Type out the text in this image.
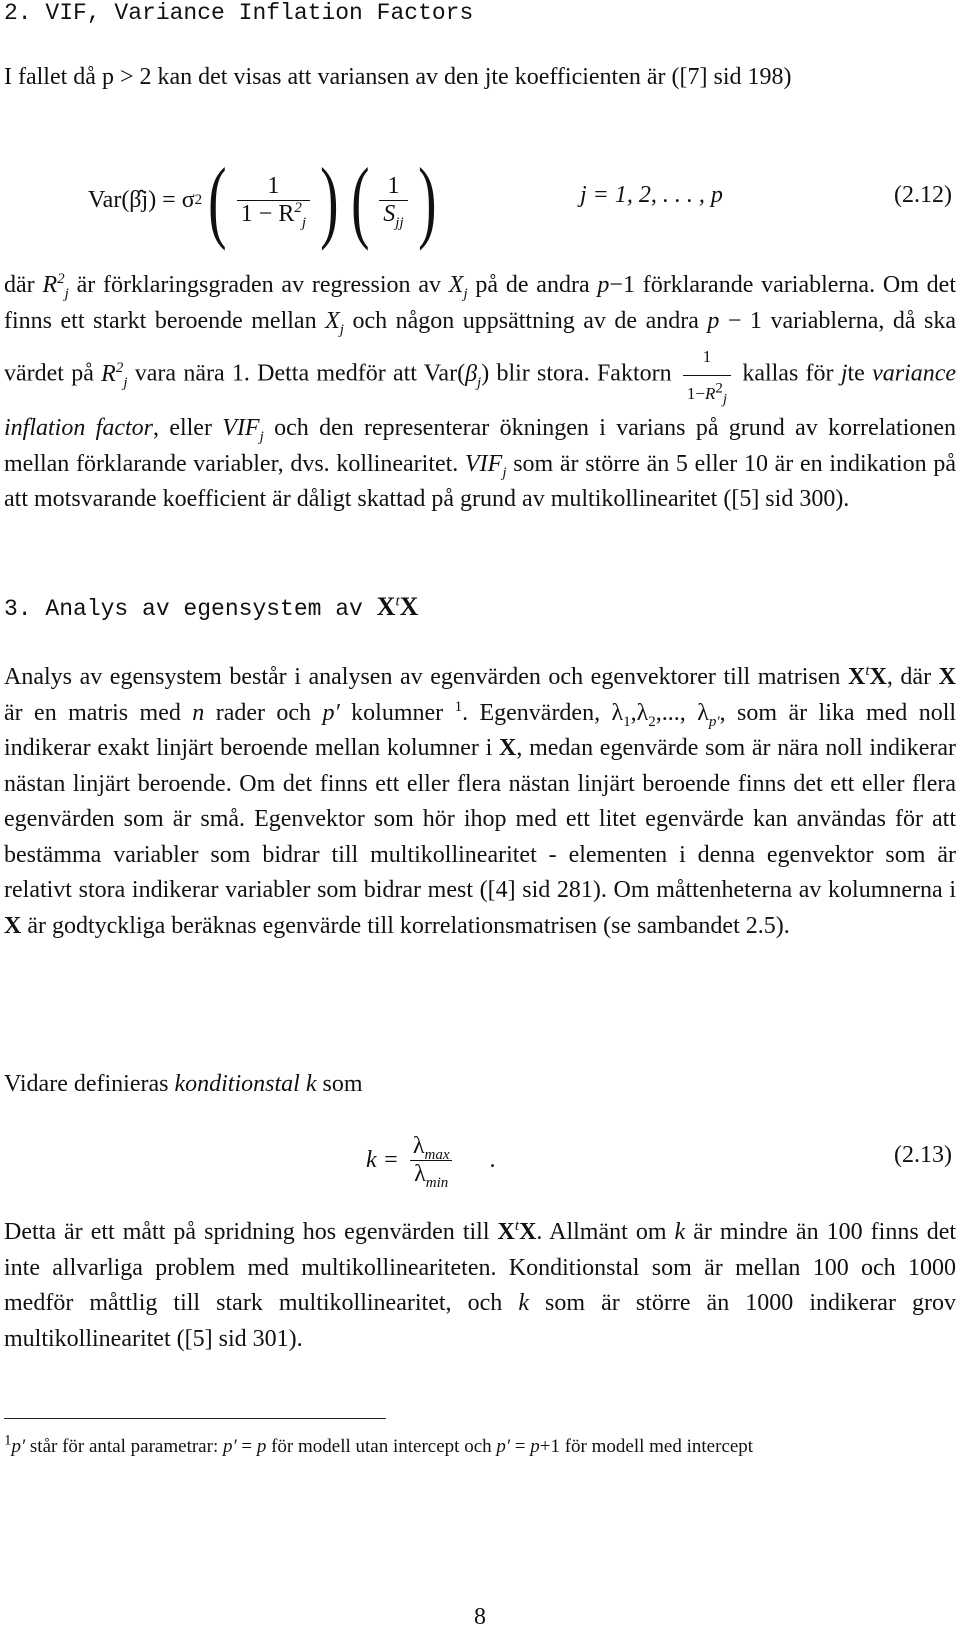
2. VIF, Variance Inflation Factors

I fallet då p > 2 kan det visas att variansen av den jte koefficienten är ([7] sid 198)

Var(β̂j) = σ 2 ( $\frac{1}{1 - R^2_j}$ ) ( $\frac{1}{S_{jj}}$ )	j = 1, 2, . . . , p	(2.12)

där $R^2_j$ är förklaringsgraden av regression av $X_j$ på de andra p−1 förklarande variablerna. Om det finns ett starkt beroende mellan $X_j$ och någon uppsättning av de andra p − 1 variablerna, då ska värdet på $R^2_j$ vara nära 1. Detta medför att $Var(\beta_j)$ blir stora. Faktorn $\frac{1}{1-R^2_j}$ kallas för jte variance inflation factor, eller $VIF_j$ och den representerar ökningen i varians på grund av korrelationen mellan förklarande variabler, dvs. kollinearitet. $VIF_j$ som är större än 5 eller 10 är en indikation på att motsvarande koefficient är dåligt skattad på grund av multikollinearitet ([5] sid 300).

3. Analys av egensystem av $X^tX$

Analys av egensystem består i analysen av egenvärden och egenvektorer till matrisen $X^tX$, där X är en matris med n rader och p′ kolumner $^1$. Egenvärden, $\lambda_1,\lambda_2$,..., $\lambda_{p'}$, som är lika med noll indikerar exakt linjärt beroende mellan kolumner i X, medan egenvärde som är nära noll indikerar nästan linjärt beroende. Om det finns ett eller flera nästan linjärt beroende finns det ett eller flera egenvärden som är små. Egenvektor som hör ihop med ett litet egenvärde kan användas för att bestämma variabler som bidrar till multikollinearitet - elementen i denna egenvektor som är relativt stora indikerar variabler som bidrar mest ([4] sid 281). Om måttenheterna av kolumnerna i X är godtyckliga beräknas egenvärde till korrelationsmatrisen (se sambandet 2.5).

Vidare definieras konditionstal k som

$k = \frac{\lambda_{max}}{\lambda_{min}}$ .	(2.13)

Detta är ett mått på spridning hos egenvärden till $X^tX$. Allmänt om k är mindre än 100 finns det inte allvarliga problem med multikollineariteten. Konditionstal som är mellan 100 och 1000 medför måttlig till stark multikollinearitet, och k som är större än 1000 indikerar grov multikollinearitet ([5] sid 301).

$^1$p′ står för antal parametrar: p′ = p för modell utan intercept och p′ = p+1 för modell med intercept
8
